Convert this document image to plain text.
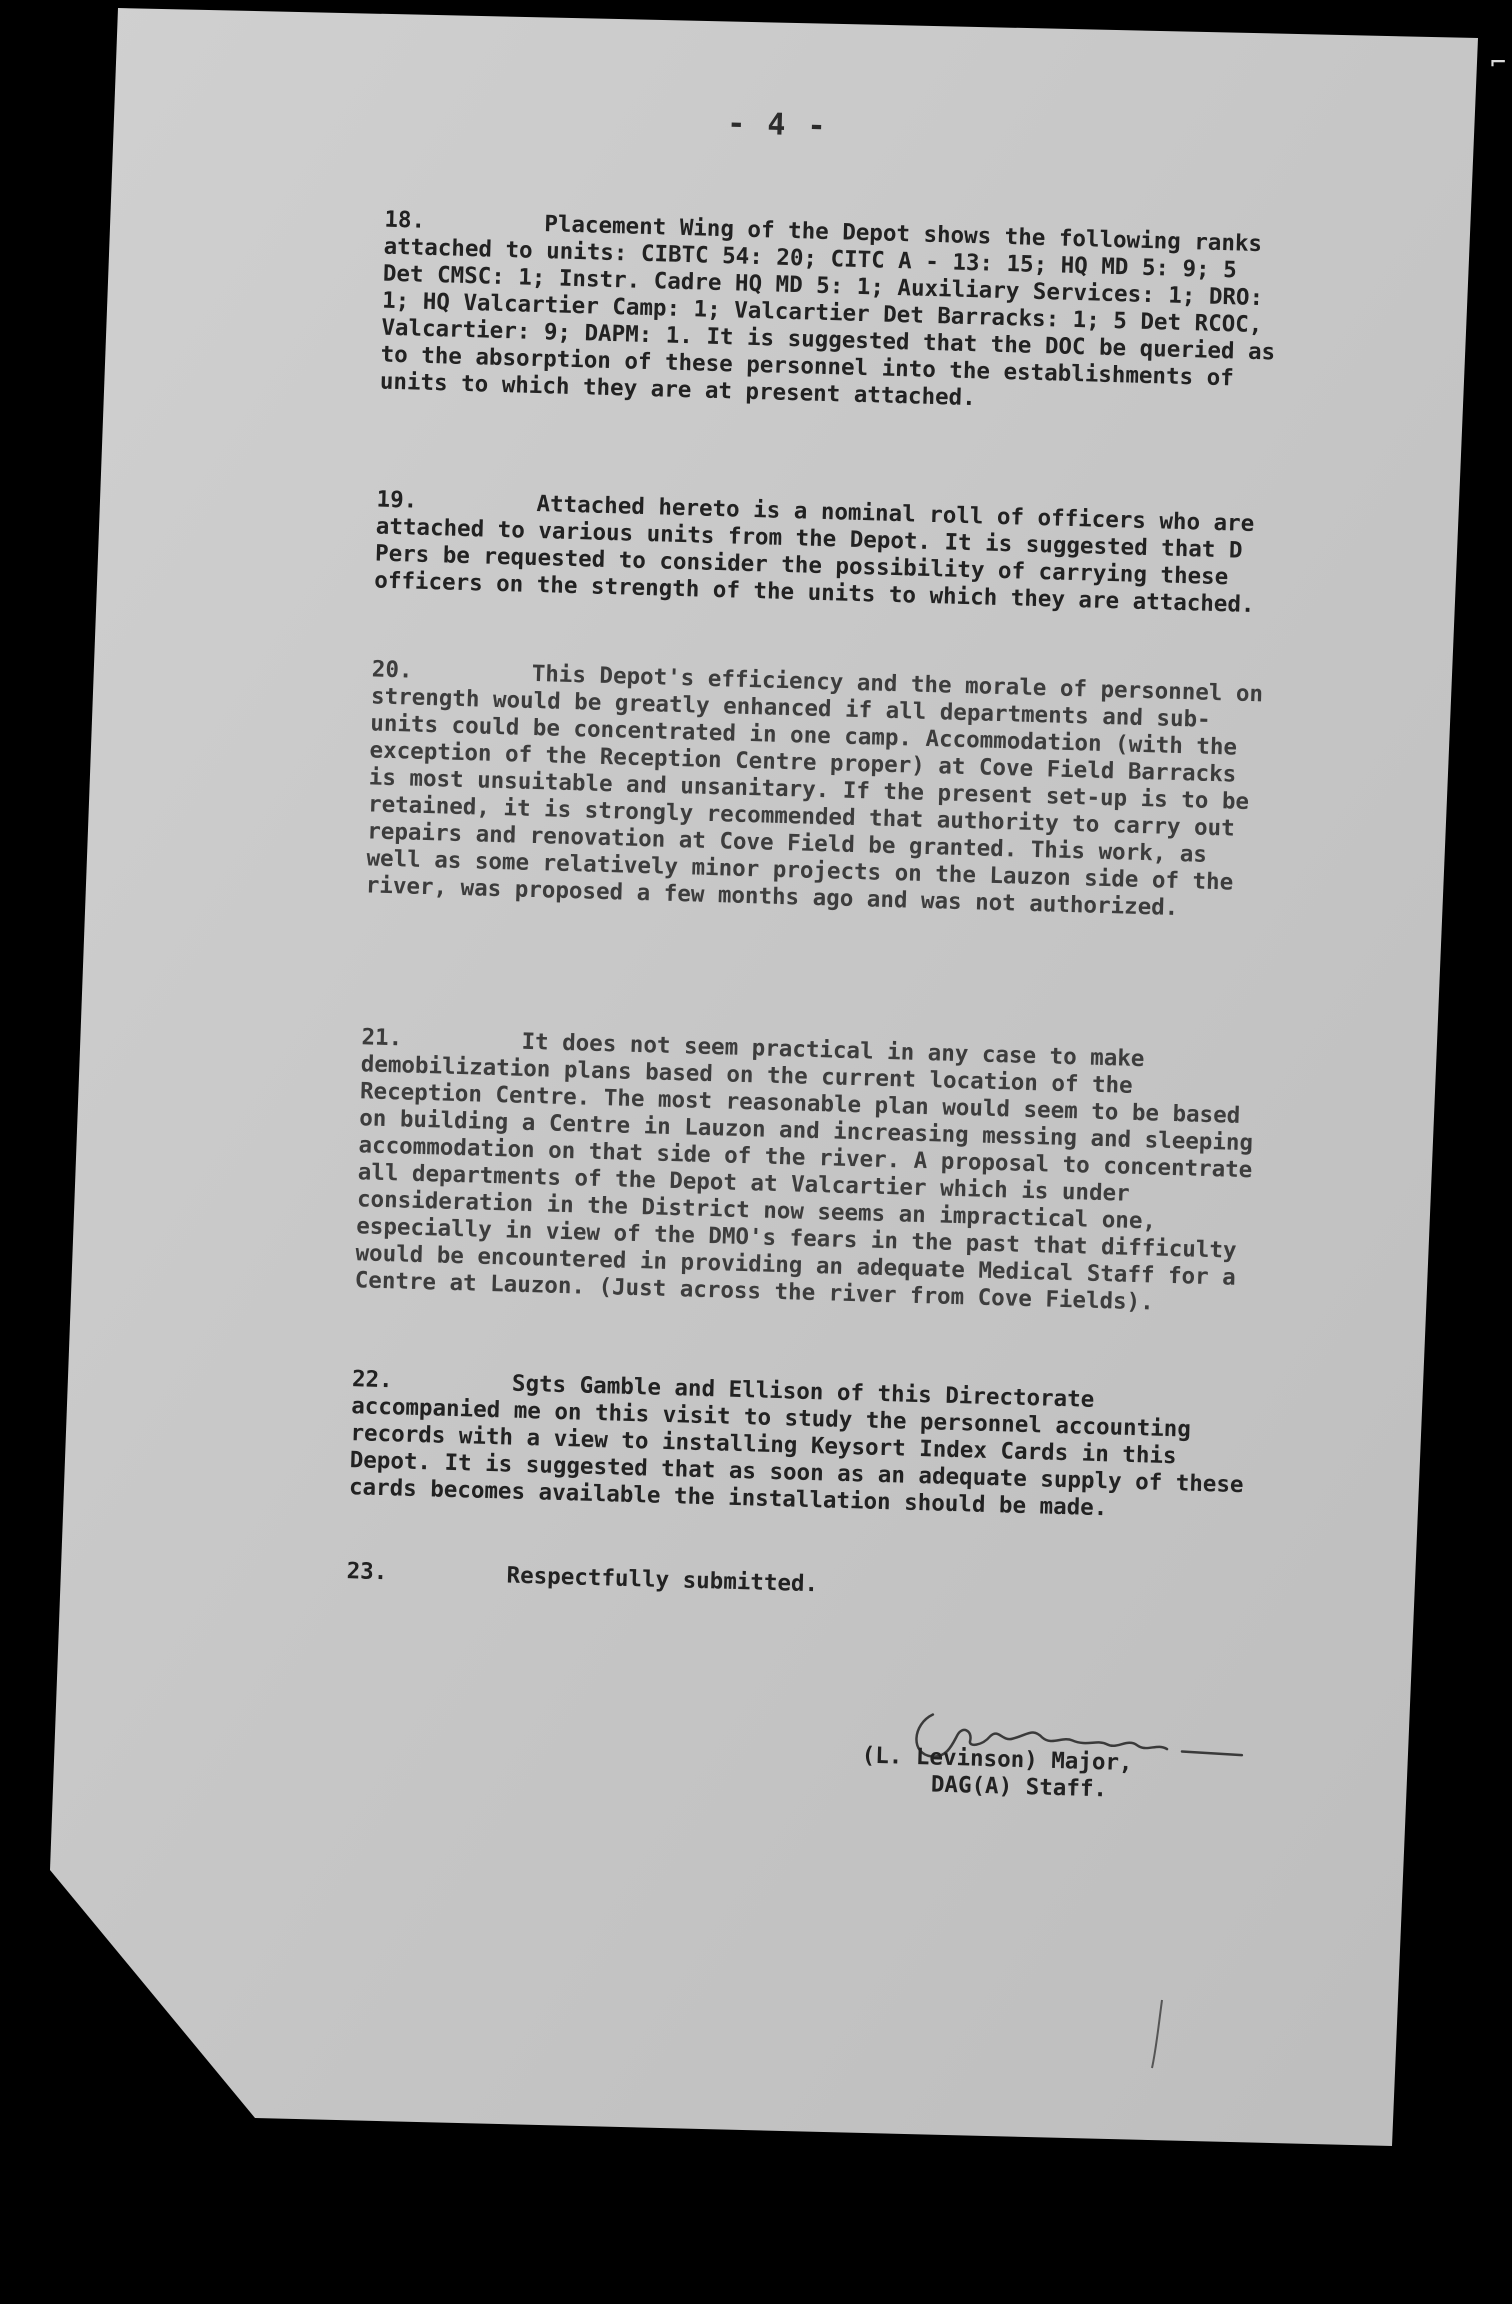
⌐
- 4 -

18.	Placement Wing of the Depot shows the following ranks attached to units: CIBTC 54: 20; CITC A - 13: 15; HQ MD 5: 9; 5 Det CMSC: 1; Instr. Cadre HQ MD 5: 1; Auxiliary Services: 1; DRO: 1; HQ Valcartier Camp: 1; Valcartier Det Barracks: 1; 5 Det RCOC, Valcartier: 9; DAPM: 1. It is suggested that the DOC be queried as to the absorption of these personnel into the establishments of units to which they are at present attached.

19.	Attached hereto is a nominal roll of officers who are attached to various units from the Depot. It is suggested that D Pers be requested to consider the possibility of carrying these officers on the strength of the units to which they are attached.

20.	This Depot's efficiency and the morale of personnel on strength would be greatly enhanced if all departments and sub-units could be concentrated in one camp. Accommodation (with the exception of the Reception Centre proper) at Cove Field Barracks is most unsuitable and unsanitary. If the present set-up is to be retained, it is strongly recommended that authority to carry out repairs and renovation at Cove Field be granted. This work, as well as some relatively minor projects on the Lauzon side of the river, was proposed a few months ago and was not authorized.

21.	It does not seem practical in any case to make demobilization plans based on the current location of the Reception Centre. The most reasonable plan would seem to be based on building a Centre in Lauzon and increasing messing and sleeping accommodation on that side of the river. A proposal to concentrate all departments of the Depot at Valcartier which is under consideration in the District now seems an impractical one, especially in view of the DMO's fears in the past that difficulty would be encountered in providing an adequate Medical Staff for a Centre at Lauzon. (Just across the river from Cove Fields).

22.	Sgts Gamble and Ellison of this Directorate accompanied me on this visit to study the personnel accounting records with a view to installing Keysort Index Cards in this Depot. It is suggested that as soon as an adequate supply of these cards becomes available the installation should be made.

23.	Respectfully submitted.

(L. Levinson) Major,
DAG(A) Staff.
